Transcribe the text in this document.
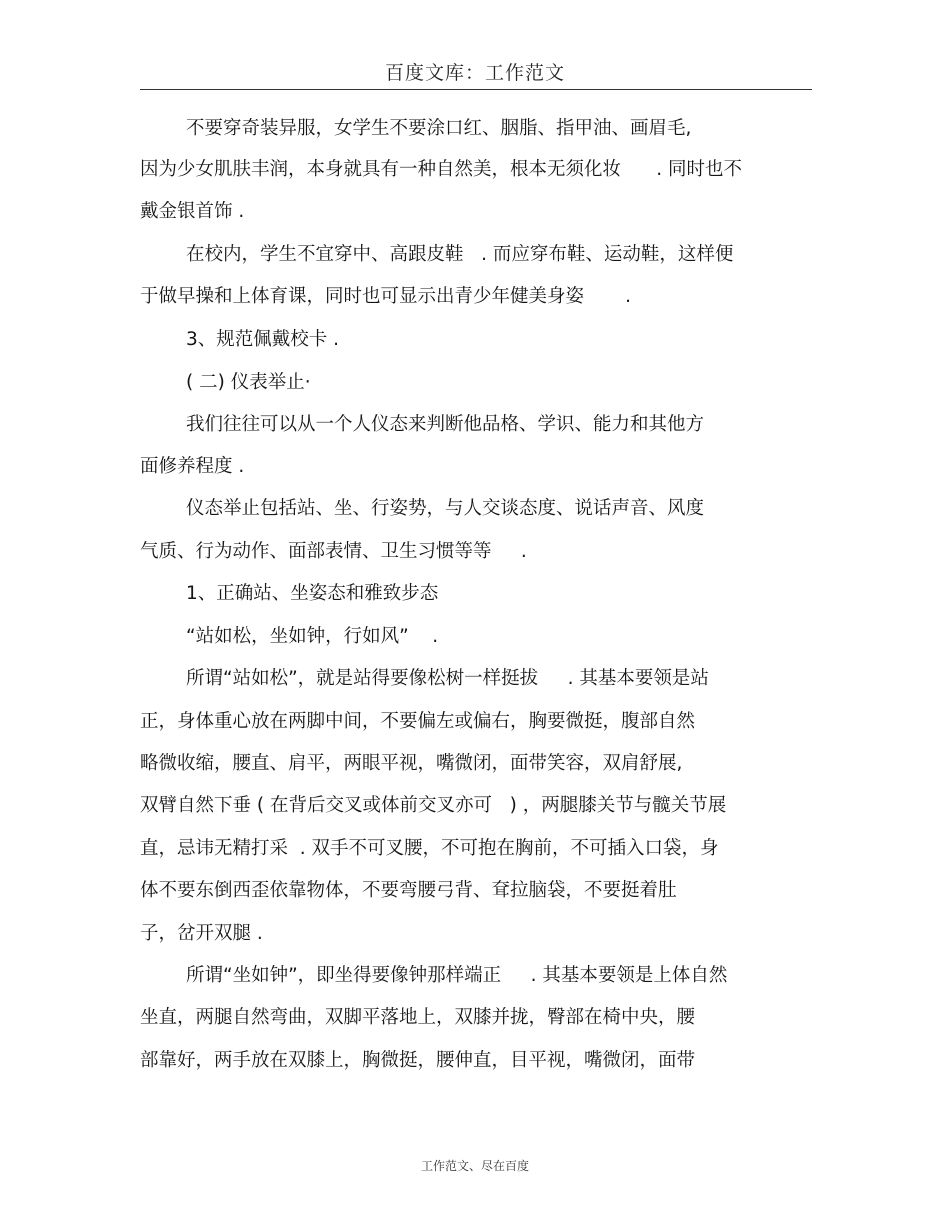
百度文库：工作范文
不要穿奇装异服，女学生不要涂口红、胭脂、指甲油、画眉毛,
因为少女肌肤丰润，本身就具有一种自然美，根本无须化妆      . 同时也不
戴金银首饰 .
在校内，学生不宜穿中、高跟皮鞋   . 而应穿布鞋、运动鞋，这样便
于做早操和上体育课，同时也可显示出青少年健美身姿       .
3、规范佩戴校卡 .
( 二) 仪表举止·
我们往往可以从一个人仪态来判断他品格、学识、能力和其他方
面修养程度 .
仪态举止包括站、坐、行姿势，与人交谈态度、说话声音、风度
气质、行为动作、面部表情、卫生习惯等等     .
1、正确站、坐姿态和雅致步态
“站如松，坐如钟，行如风”    .
所谓“站如松”，就是站得要像松树一样挺拔     . 其基本要领是站
正，身体重心放在两脚中间，不要偏左或偏右，胸要微挺，腹部自然
略微收缩，腰直、肩平，两眼平视，嘴微闭，面带笑容，双肩舒展,
双臂自然下垂 ( 在背后交叉或体前交叉亦可   ) ，两腿膝关节与髋关节展
直，忌讳无精打采  . 双手不可叉腰，不可抱在胸前，不可插入口袋，身
体不要东倒西歪依靠物体，不要弯腰弓背、耷拉脑袋，不要挺着肚
子，岔开双腿 .
所谓“坐如钟”，即坐得要像钟那样端正     . 其基本要领是上体自然
坐直，两腿自然弯曲，双脚平落地上，双膝并拢，臀部在椅中央，腰
部靠好，两手放在双膝上，胸微挺，腰伸直，目平视，嘴微闭，面带
工作范文、尽在百度
